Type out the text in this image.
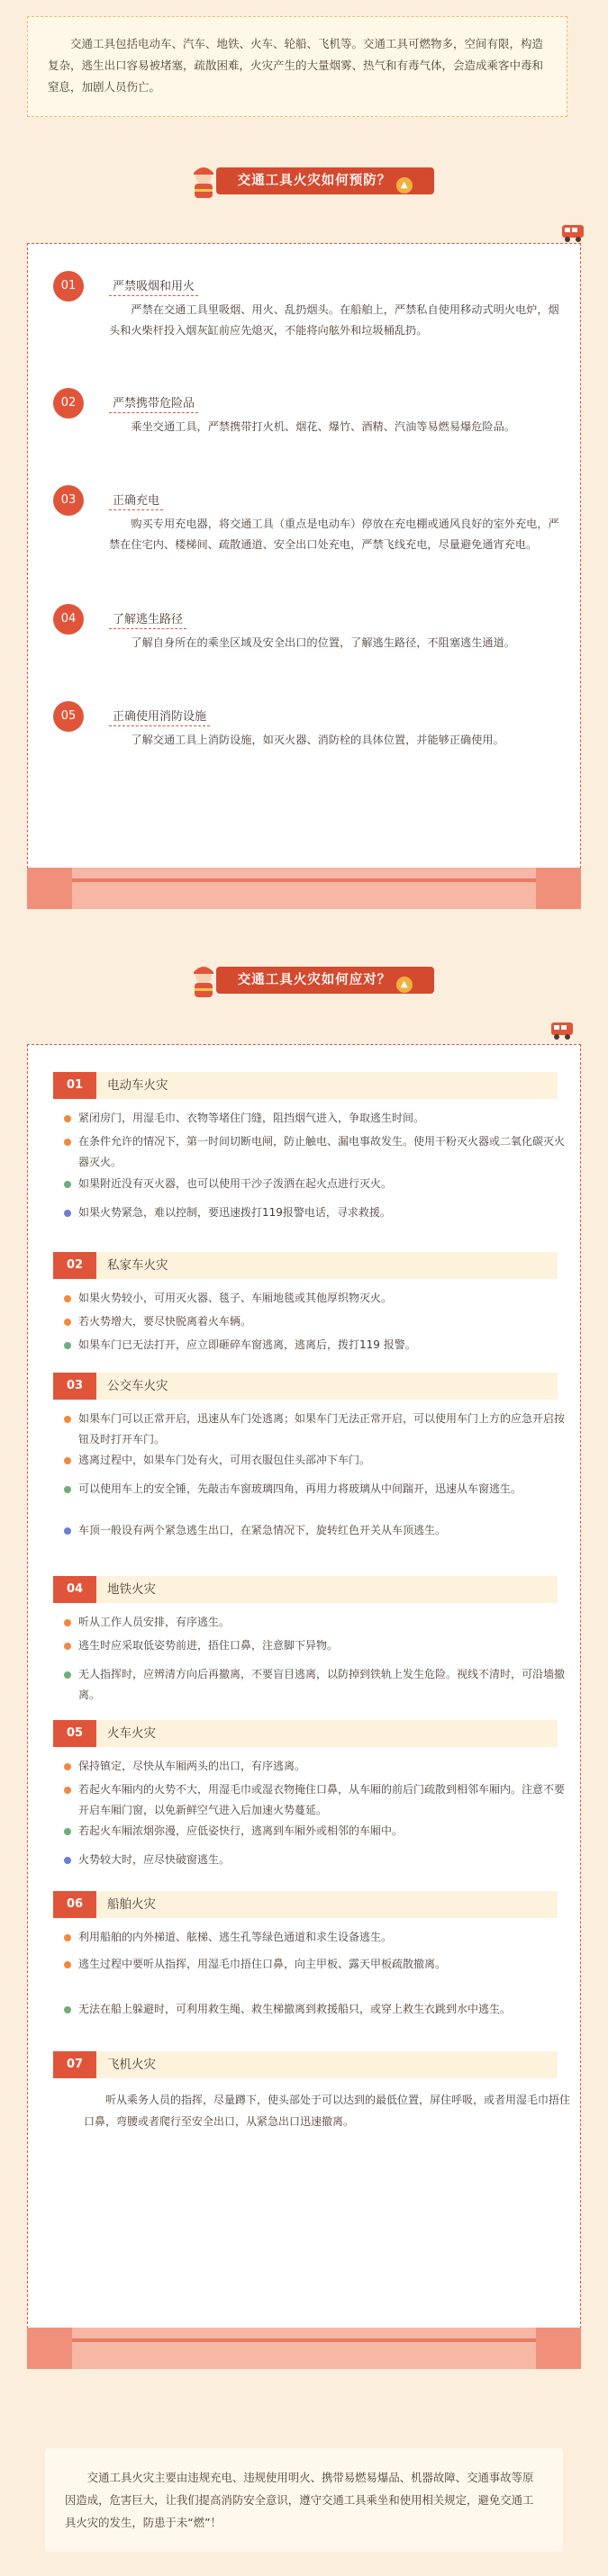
交通工具包括电动车、汽车、地铁、火车、轮船、飞机等。交通工具可燃物多，空间有限，构造复杂，逃生出口容易被堵塞，疏散困难，火灾产生的大量烟雾、热气和有毒气体，会造成乘客中毒和窒息，加剧人员伤亡。
交通工具火灾如何预防？ ▲
01	严禁吸烟和用火
严禁在交通工具里吸烟、用火、乱扔烟头。在船舶上，严禁私自使用移动式明火电炉，烟头和火柴杆投入烟灰缸前应先熄灭，不能将向舷外和垃圾桶乱扔。
02	严禁携带危险品
乘坐交通工具，严禁携带打火机、烟花、爆竹、酒精、汽油等易燃易爆危险品。
03	正确充电
购买专用充电器，将交通工具（重点是电动车）停放在充电棚或通风良好的室外充电，严禁在住宅内、楼梯间、疏散通道、安全出口处充电，严禁飞线充电，尽量避免通宵充电。
04	了解逃生路径
了解自身所在的乘坐区域及安全出口的位置，了解逃生路径，不阻塞逃生通道。
05	正确使用消防设施
了解交通工具上消防设施，如灭火器、消防栓的具体位置，并能够正确使用。
交通工具火灾如何应对？ ▲
01	电动车火灾
紧闭房门，用湿毛巾、衣物等堵住门缝，阻挡烟气进入，争取逃生时间。
在条件允许的情况下，第一时间切断电闸，防止触电、漏电事故发生。使用干粉灭火器或二氧化碳灭火器灭火。
如果附近没有灭火器，也可以使用干沙子泼洒在起火点进行灭火。
如果火势紧急，难以控制，要迅速拨打119报警电话，寻求救援。
02	私家车火灾
如果火势较小，可用灭火器、毯子、车厢地毯或其他厚织物灭火。
若火势增大，要尽快脱离着火车辆。
如果车门已无法打开，应立即砸碎车窗逃离，逃离后，拨打119 报警。
03	公交车火灾
如果车门可以正常开启，迅速从车门处逃离；如果车门无法正常开启，可以使用车门上方的应急开启按钮及时打开车门。
逃离过程中，如果车门处有火，可用衣服包住头部冲下车门。
可以使用车上的安全锤，先敲击车窗玻璃四角，再用力将玻璃从中间踹开，迅速从车窗逃生。
车顶一般设有两个紧急逃生出口，在紧急情况下，旋转红色开关从车顶逃生。
04	地铁火灾
听从工作人员安排，有序逃生。
逃生时应采取低姿势前进，捂住口鼻，注意脚下异物。
无人指挥时，应辨清方向后再撤离，不要盲目逃离，以防掉到铁轨上发生危险。视线不清时，可沿墙撤离。
05	火车火灾
保持镇定，尽快从车厢两头的出口，有序逃离。
若起火车厢内的火势不大，用湿毛巾或湿衣物掩住口鼻，从车厢的前后门疏散到相邻车厢内。注意不要开启车厢门窗，以免新鲜空气进入后加速火势蔓延。
若起火车厢浓烟弥漫，应低姿快行，逃离到车厢外或相邻的车厢中。
火势较大时，应尽快破窗逃生。
06	船舶火灾
利用船舶的内外梯道、舷梯、逃生孔等绿色通道和求生设备逃生。
逃生过程中要听从指挥，用湿毛巾捂住口鼻，向主甲板、露天甲板疏散撤离。
无法在船上躲避时，可利用救生绳、救生梯撤离到救援船只，或穿上救生衣跳到水中逃生。
07	飞机火灾
听从乘务人员的指挥，尽量蹲下，使头部处于可以达到的最低位置，屏住呼吸，或者用湿毛巾捂住口鼻，弯腰或者爬行至安全出口，从紧急出口迅速撤离。
交通工具火灾主要由违规充电、违规使用明火、携带易燃易爆品、机器故障、交通事故等原因造成，危害巨大，让我们提高消防安全意识，遵守交通工具乘坐和使用相关规定，避免交通工具火灾的发生，防患于未“燃”！
